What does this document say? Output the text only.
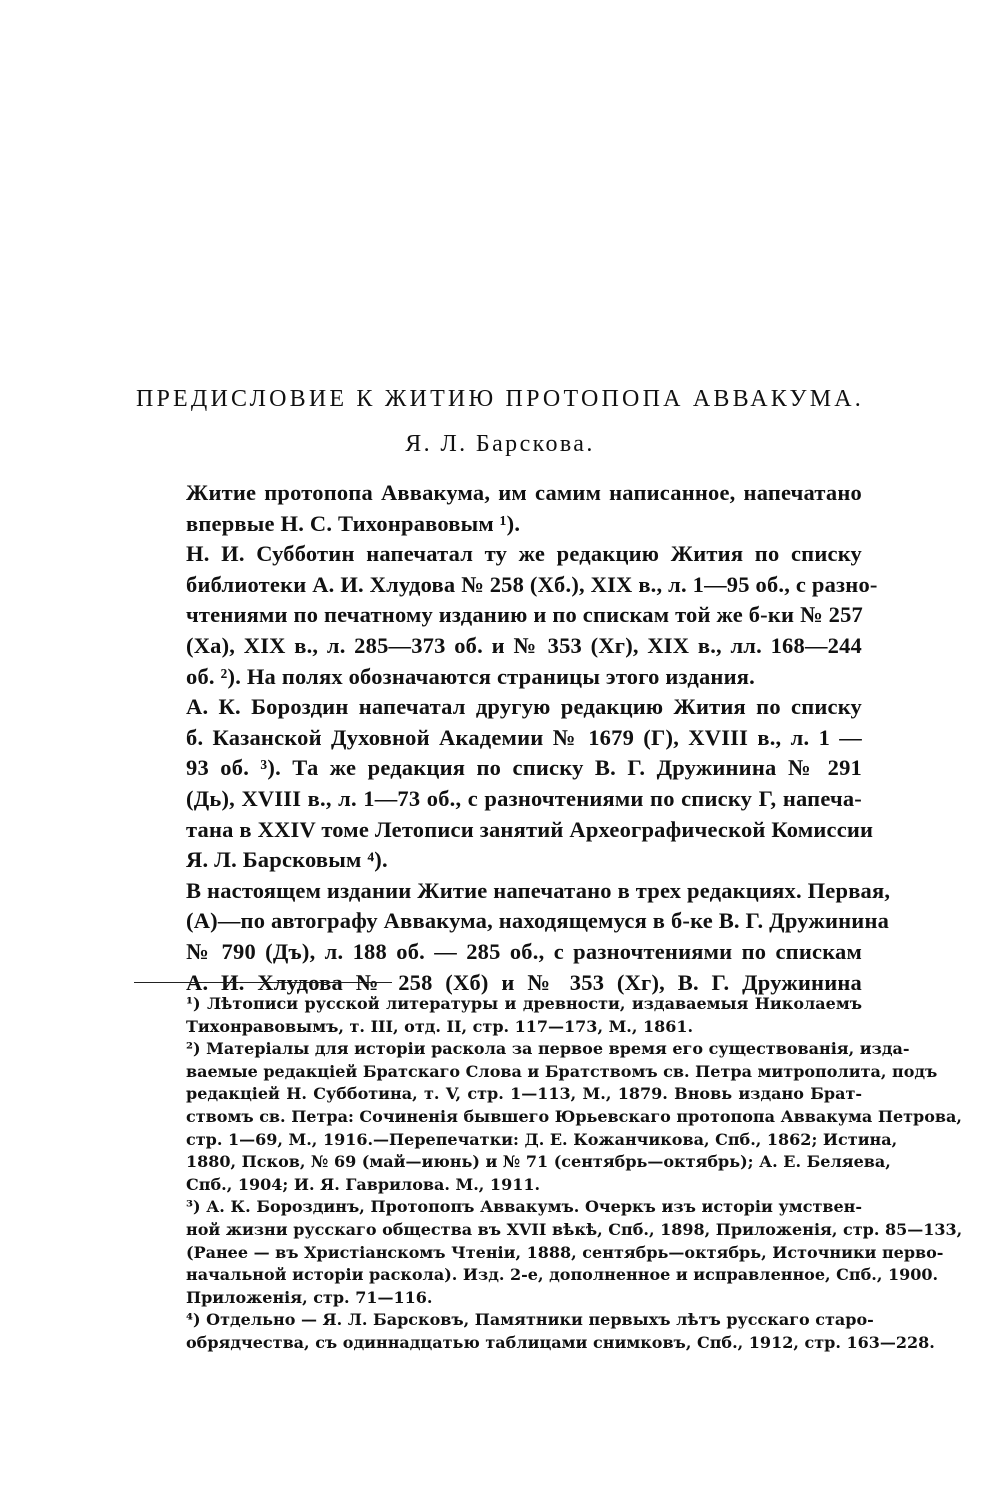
ПРЕДИСЛОВИЕ К ЖИТИЮ ПРОТОПОПА АВВАКУМА.
Я. Л. Барскова.

Житие протопопа Аввакума, им самим написанное, напечатано
впервые Н. С. Тихонравовым ¹).

Н. И. Субботин напечатал ту же редакцию Жития по списку
библиотеки А. И. Хлудова № 258 (Хб.), XIX в., л. 1—95 об., с разно-
чтениями по печатному изданию и по спискам той же б-ки № 257
(Ха), XIX в., л. 285—373 об. и № 353 (Хг), XIX в., лл. 168—244
об. ²). На полях обозначаются страницы этого издания.

А. К. Бороздин напечатал другую редакцию Жития по списку
б. Казанской Духовной Академии № 1679 (Г), XVIII в., л. 1 —
93 об. ³). Та же редакция по списку В. Г. Дружинина № 291
(Дь), XVIII в., л. 1—73 об., с разночтениями по списку Г, напеча-
тана в XXIV томе Летописи занятий Археографической Комиссии
Я. Л. Барсковым ⁴).

В настоящем издании Житие напечатано в трех редакциях. Первая,
(А)—по автографу Аввакума, находящемуся в б-ке В. Г. Дружинина
№ 790 (Дъ), л. 188 об. — 285 об., с разночтениями по спискам
А. И. Хлудова № 258 (Хб) и № 353 (Хг), В. Г. Дружинина

¹) Лѣтописи русской литературы и древности, издаваемыя Николаемъ
Тихонравовымъ, т. III, отд. II, стр. 117—173, М., 1861.

²) Матеріалы для исторіи раскола за первое время его существованія, изда-
ваемые редакціей Братскаго Слова и Братствомъ св. Петра митрополита, подъ
редакціей Н. Субботина, т. V, стр. 1—113, М., 1879. Вновь издано Брат-
ствомъ св. Петра: Сочиненія бывшего Юрьевскаго протопопа Аввакума Петрова,
стр. 1—69, М., 1916.—Перепечатки: Д. Е. Кожанчикова, Спб., 1862; Истина,
1880, Псков, № 69 (май—июнь) и № 71 (сентябрь—октябрь); А. Е. Беляева,
Спб., 1904; И. Я. Гаврилова. М., 1911.

³) А. К. Бороздинъ, Протопопъ Аввакумъ. Очеркъ изъ исторіи умствен-
ной жизни русскаго общества въ XVII вѣкѣ, Спб., 1898, Приложенія, стр. 85—133,
(Ранее — въ Христіанскомъ Чтеніи, 1888, сентябрь—октябрь, Источники перво-
начальной исторіи раскола). Изд. 2-е, дополненное и исправленное, Спб., 1900.
Приложенія, стр. 71—116.

⁴) Отдельно — Я. Л. Барсковъ, Памятники первыхъ лѣтъ русскаго старо-
обрядчества, съ одиннадцатью таблицами снимковъ, Спб., 1912, стр. 163—228.
